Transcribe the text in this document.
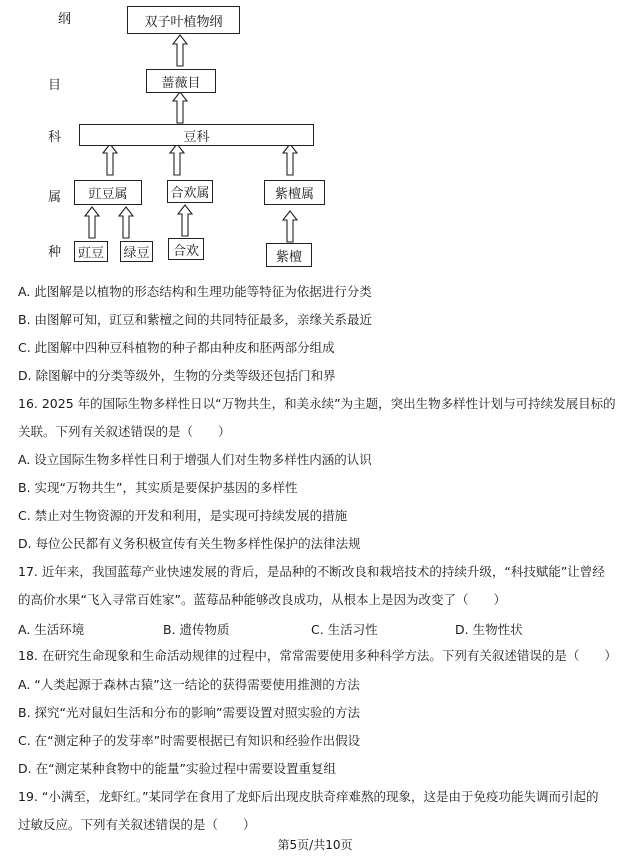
纲
目
科
属
种
双子叶植物纲
蔷薇目
豆科
豇豆属	合欢属	紫檀属
豇豆	绿豆	合欢	紫檀
A. 此图解是以植物的形态结构和生理功能等特征为依据进行分类
B. 由图解可知，豇豆和紫檀之间的共同特征最多，亲缘关系最近
C. 此图解中四种豆科植物的种子都由种皮和胚两部分组成
D. 除图解中的分类等级外，生物的分类等级还包括门和界
16. 2025 年的国际生物多样性日以“万物共生，和美永续”为主题，突出生物多样性计划与可持续发展目标的
关联。下列有关叙述错误的是（　　）
A. 设立国际生物多样性日利于增强人们对生物多样性内涵的认识
B. 实现“万物共生”，其实质是要保护基因的多样性
C. 禁止对生物资源的开发和利用，是实现可持续发展的措施
D. 每位公民都有义务积极宣传有关生物多样性保护的法律法规
17. 近年来，我国蓝莓产业快速发展的背后，是品种的不断改良和栽培技术的持续升级，“科技赋能”让曾经
的高价水果“飞入寻常百姓家”。蓝莓品种能够改良成功，从根本上是因为改变了（　　）
A. 生活环境	B. 遗传物质	C. 生活习性	D. 生物性状
18. 在研究生命现象和生命活动规律的过程中，常常需要使用多种科学方法。下列有关叙述错误的是（　　）
A. “人类起源于森林古猿”这一结论的获得需要使用推测的方法
B. 探究“光对鼠妇生活和分布的影响”需要设置对照实验的方法
C. 在“测定种子的发芽率”时需要根据已有知识和经验作出假设
D. 在“测定某种食物中的能量”实验过程中需要设置重复组
19. “小满至，龙虾红。”某同学在食用了龙虾后出现皮肤奇痒难熬的现象，这是由于免疫功能失调而引起的
过敏反应。下列有关叙述错误的是（　　）
第5页/共10页
